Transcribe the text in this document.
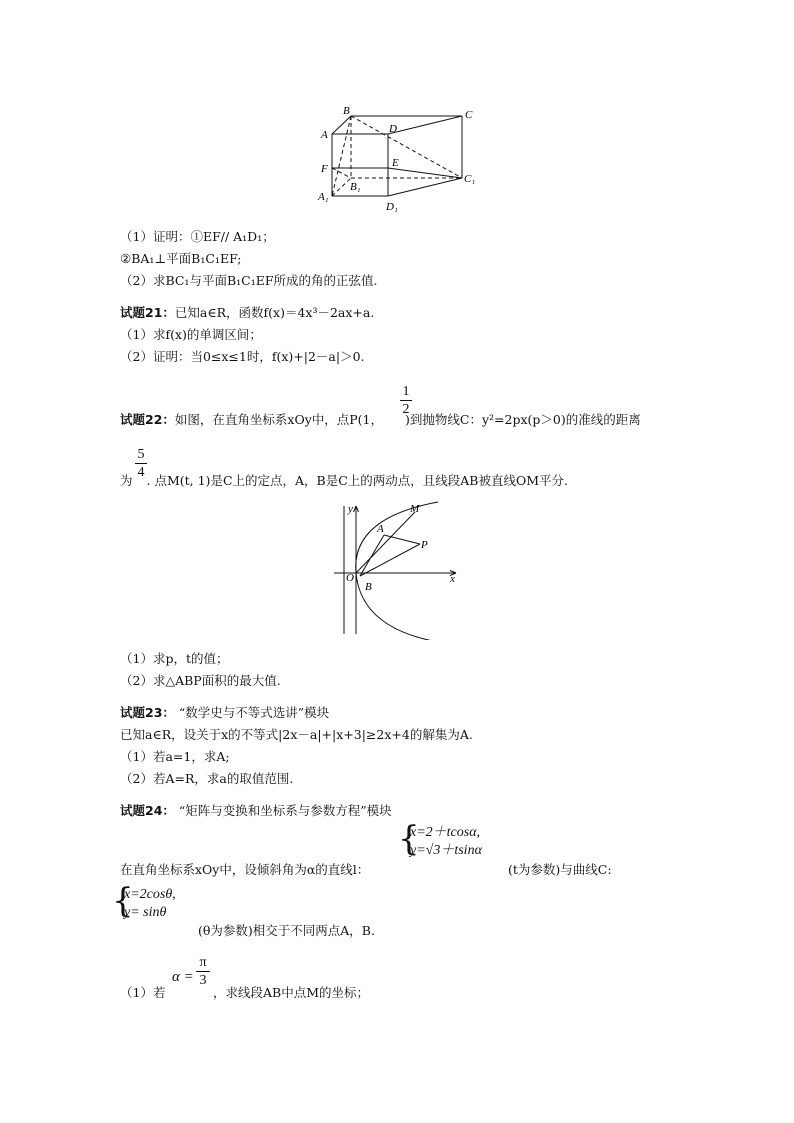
B	C
A	D
F	E
B₁
C₁
A₁
D₁
（1）证明：①EF// A₁D₁；
②BA₁⊥平面B₁C₁EF;
（2）求BC₁与平面B₁C₁EF所成的角的正弦值.
试题21：已知a∈R，函数f(x)＝4x³－2ax+a.
（1）求f(x)的单调区间；
（2）证明：当0≤x≤1时，f(x)+|2－a|＞0.
试题22：如图，在直角坐标系xOy中，点P(1， )到抛物线C：y²=2px(p＞0)的准线的距离
1
2
为 . 点M(t, 1)是C上的定点，A，B是C上的两动点，且线段AB被直线OM平分.
5
4
y	M
A
P
O
B
x
（1）求p，t的值；
（2）求△ABP面积的最大值.
试题23： “数学史与不等式选讲”模块
已知a∈R，设关于x的不等式|2x－a|+|x+3|≥2x+4的解集为A.
（1）若a=1，求A;
（2）若A=R，求a的取值范围.
试题24： “矩阵与变换和坐标系与参数方程”模块
{
x=2＋tcosα,
y=√3＋tsinα
在直角坐标系xOy中，设倾斜角为α的直线l：	(t为参数)与曲线C:
{
x=2cosθ,
y= sinθ
(θ为参数)相交于不同两点A，B.
（1）若
α =
π
3
，求线段AB中点M的坐标；
